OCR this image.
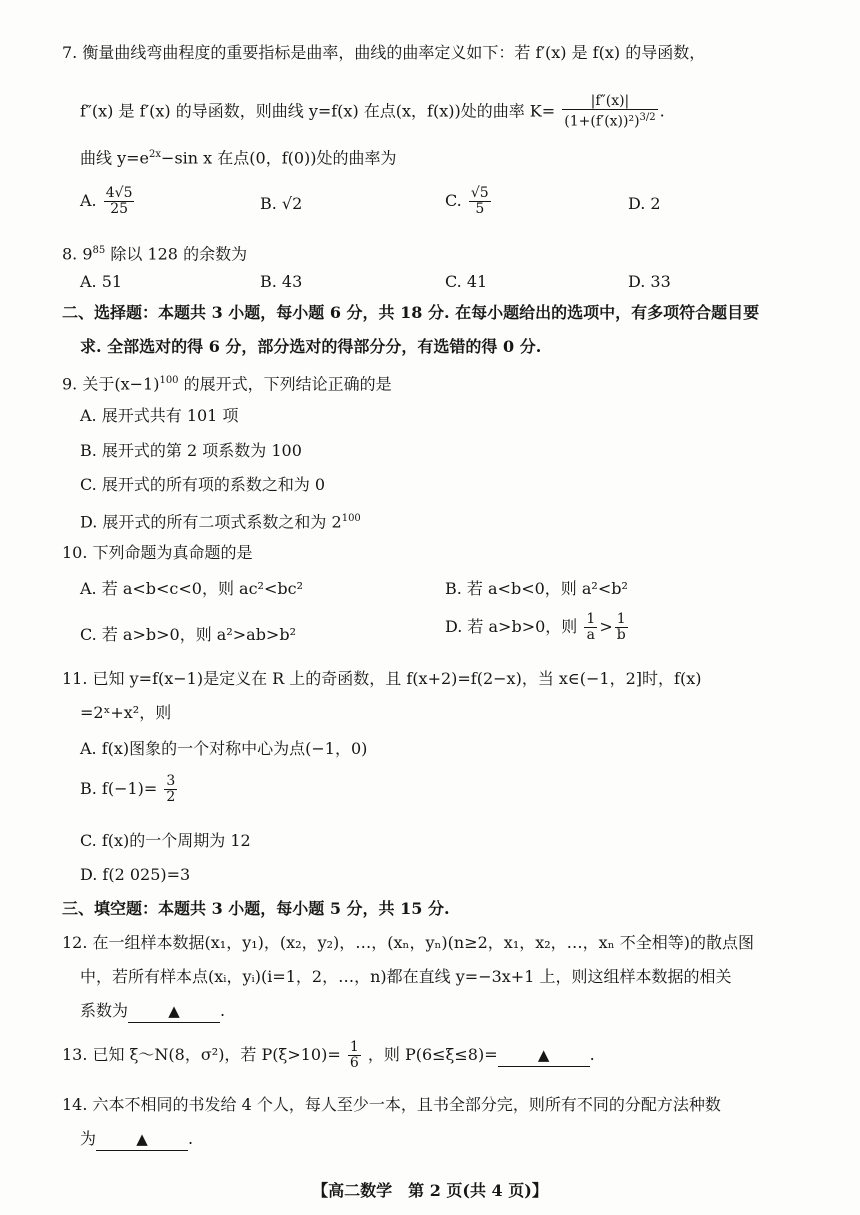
7. 衡量曲线弯曲程度的重要指标是曲率，曲线的曲率定义如下：若 f′(x) 是 f(x) 的导函数，
f″(x) 是 f′(x) 的导函数，则曲线 y=f(x) 在点(x，f(x))处的曲率 $K= \frac{|f''(x)|}{(1+(f'(x))^2)^{3/2}}$ .
曲线 $y=e^{2x}-\sin$ x 在点(0，f(0))处的曲率为
A. $\frac{4√5}{25}$	B. √2	C. $\frac{√5}{5}$	D. 2
8. $9^{85}$ 除以 128 的余数为
A. 51	B. 43	C. 41	D. 33
二、选择题：本题共 3 小题，每小题 6 分，共 18 分. 在每小题给出的选项中，有多项符合题目要
求. 全部选对的得 6 分，部分选对的得部分分，有选错的得 0 分.
9. 关于$(x-1)^{100}$ 的展开式，下列结论正确的是
A. 展开式共有 101 项
B. 展开式的第 2 项系数为 100
C. 展开式的所有项的系数之和为 0
D. 展开式的所有二项式系数之和为 $2^{100}$
10. 下列命题为真命题的是
A. 若 a<b<c<0，则 ac²<bc²	B. 若 a<b<0，则 a²<b²
C. 若 a>b>0，则 a²>ab>b²	D. 若 a>b>0，则 $\frac{1}{a} > \frac{1}{b}$
11. 已知 y=f(x−1)是定义在 R 上的奇函数，且 f(x+2)=f(2−x)，当 x∈(−1，2]时，f(x)
=2ˣ+x²，则
A. f(x)图象的一个对称中心为点(−1，0)
B. $f(-1)= \frac{3}{2}$
C. f(x)的一个周期为 12
D. f(2 025)=3
三、填空题：本题共 3 小题，每小题 5 分，共 15 分.
12. 在一组样本数据(x₁，y₁)，(x₂，y₂)，…，(xₙ，yₙ)(n≥2，x₁，x₂，…，xₙ 不全相等)的散点图
中，若所有样本点(xᵢ，yᵢ)(i=1，2，…，n)都在直线 y=−3x+1 上，则这组样本数据的相关
系数为	▲	.
13. 已知 ξ～N(8，σ²)，若 $P(\xi>10)= \frac{1}{6}$ ，则 P(6≤ξ≤8)=	▲	.
14. 六本不相同的书发给 4 个人，每人至少一本，且书全部分完，则所有不同的分配方法种数
为	▲	.
【高二数学　第 2 页(共 4 页)】
